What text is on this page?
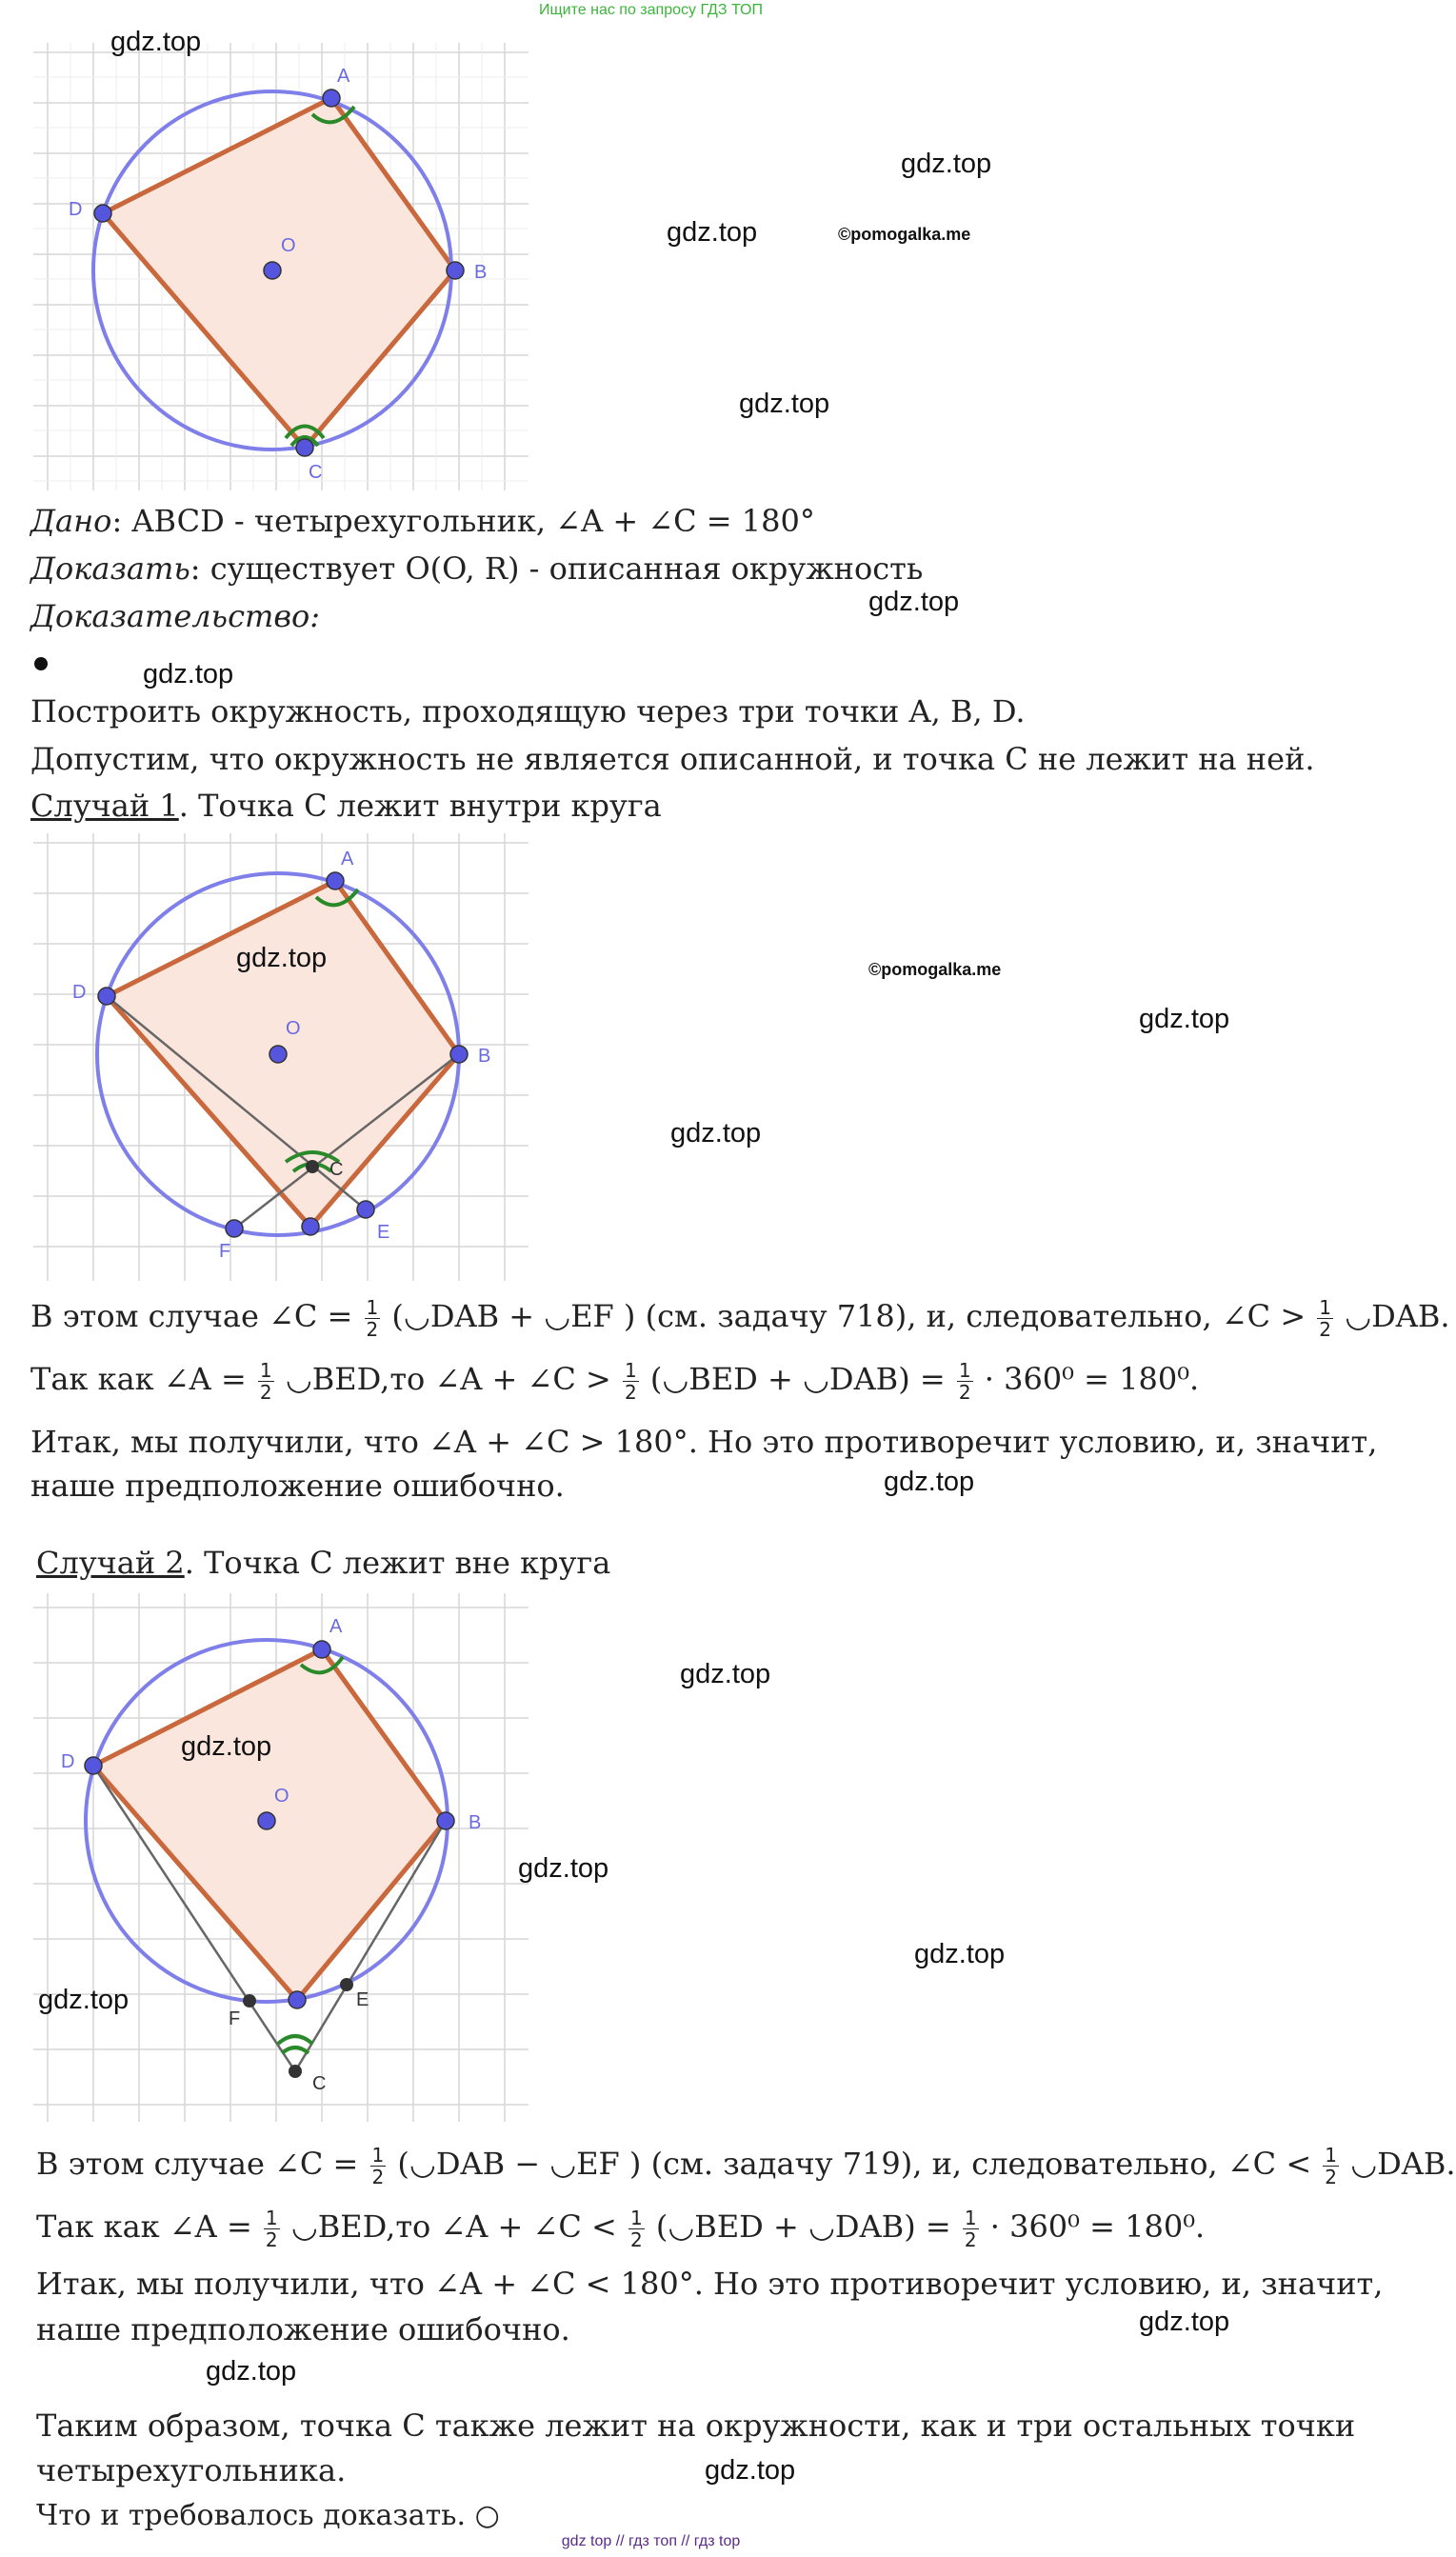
Ищите нас по запросу ГДЗ ТОП
A
B
C
D
O
gdz.top
gdz.top
gdz.top	©pomogalka.me
gdz.top
Дано: ABCD - четырехугольник, ∠A + ∠C = 180°
Доказать: существует O(O, R) - описанная окружность
Доказательство:	gdz.top
gdz.top
Построить окружность, проходящую через три точки A, B, D.
Допустим, что окружность не является описанной, и точка C не лежит на ней.
Случай 1. Точка C лежит внутри круга
A
B
D
O
E
F
C
gdz.top	©pomogalka.me
gdz.top
gdz.top
В этом случае ∠C = $\frac{1}{2}$ (◡DAB + ◡EF ) (см. задачу 718), и, следовательно, ∠C > $\frac{1}{2}$ ◡DAB.
Так как ∠A = $\frac{1}{2}$ ◡BED,то ∠A + ∠C > $\frac{1}{2}$ (◡BED + ◡DAB) = $\frac{1}{2} \cdot 360^0 = 180^0$.
Итак, мы получили, что ∠A + ∠C > 180°. Но это противоречит условию, и, значит,
наше предположение ошибочно.	gdz.top
Случай 2. Точка C лежит вне круга
A
B
D
O
E
F
C
gdz.top
gdz.top
gdz.top
gdz.top
gdz.top
В этом случае ∠C = $\frac{1}{2}$ (◡DAB − ◡EF ) (см. задачу 719), и, следовательно, ∠C < $\frac{1}{2}$ ◡DAB.
Так как ∠A = $\frac{1}{2}$ ◡BED,то ∠A + ∠C < $\frac{1}{2}$ (◡BED + ◡DAB) = $\frac{1}{2} \cdot 360^0 = 180^0$.
Итак, мы получили, что ∠A + ∠C < 180°. Но это противоречит условию, и, значит,
наше предположение ошибочно.	gdz.top
gdz.top
Таким образом, точка C также лежит на окружности, как и три остальных точки
четырехугольника.	gdz.top
Что и требовалось доказать. ○
gdz top // гдз топ // гдз top
